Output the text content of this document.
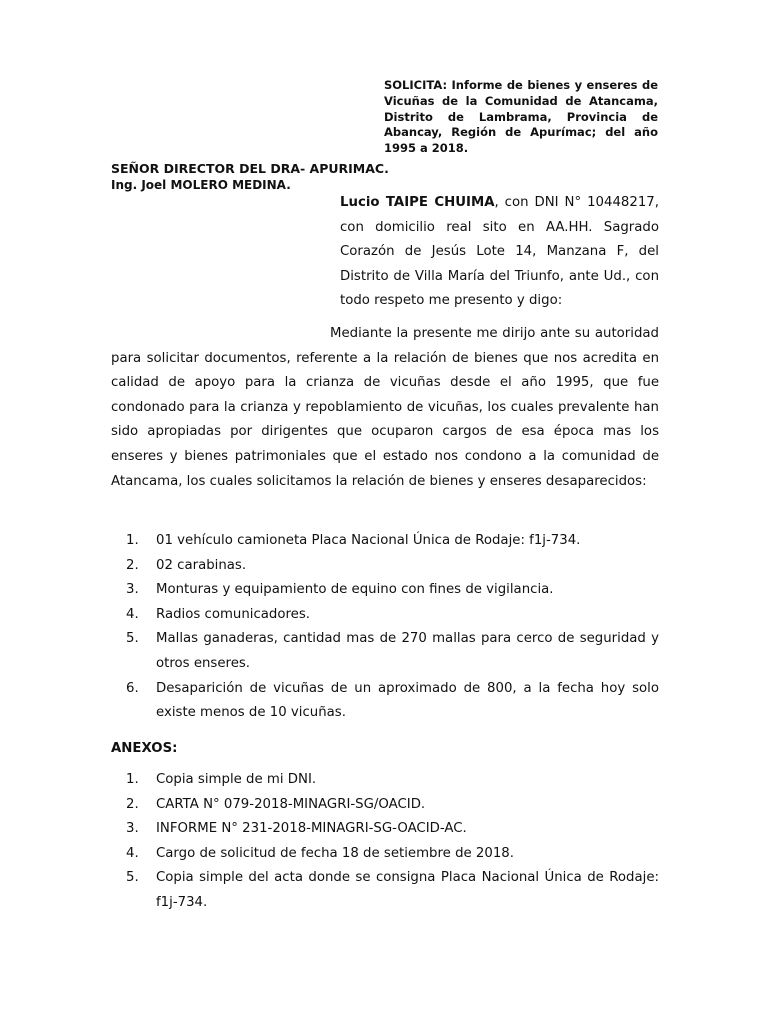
SOLICITA: Informe de bienes y enseres de Vicuñas de la Comunidad de Atancama, Distrito de Lambrama, Provincia de Abancay, Región de Apurímac; del año 1995 a 2018.
SEÑOR DIRECTOR DEL DRA- APURIMAC.
Ing. Joel MOLERO MEDINA.
Lucio TAIPE CHUIMA, con DNI N° 10448217, con domicilio real sito en AA.HH. Sagrado Corazón de Jesús Lote 14, Manzana F, del Distrito de Villa María del Triunfo, ante Ud., con todo respeto me presento y digo:
Mediante la presente me dirijo ante su autoridad para solicitar documentos, referente a la relación de bienes que nos acredita en calidad de apoyo para la crianza de vicuñas desde el año 1995, que fue condonado para la crianza y repoblamiento de vicuñas, los cuales prevalente han sido apropiadas por dirigentes que ocuparon cargos de esa época mas los enseres y bienes patrimoniales que el estado nos condono a la comunidad de Atancama, los cuales solicitamos la relación de bienes y enseres desaparecidos:
1. 01 vehículo camioneta Placa Nacional Única de Rodaje: f1j-734.
2. 02 carabinas.
3. Monturas y equipamiento de equino con fines de vigilancia.
4. Radios comunicadores.
5. Mallas ganaderas, cantidad mas de 270 mallas para cerco de seguridad y otros enseres.
6. Desaparición de vicuñas de un aproximado de 800, a la fecha hoy solo existe menos de 10 vicuñas.
ANEXOS:
1. Copia simple de mi DNI.
2. CARTA N° 079-2018-MINAGRI-SG/OACID.
3. INFORME N° 231-2018-MINAGRI-SG-OACID-AC.
4. Cargo de solicitud de fecha 18 de setiembre de 2018.
5. Copia simple del acta donde se consigna Placa Nacional Única de Rodaje: f1j-734.
